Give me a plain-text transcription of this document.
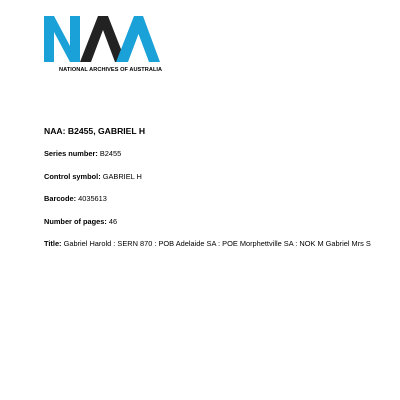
NATIONAL ARCHIVES OF AUSTRALIA
NAA: B2455, GABRIEL H
Series number: B2455
Control symbol: GABRIEL H
Barcode: 4035613
Number of pages: 46
Title: Gabriel Harold : SERN 870 : POB Adelaide SA : POE Morphettville SA : NOK M Gabriel Mrs S
